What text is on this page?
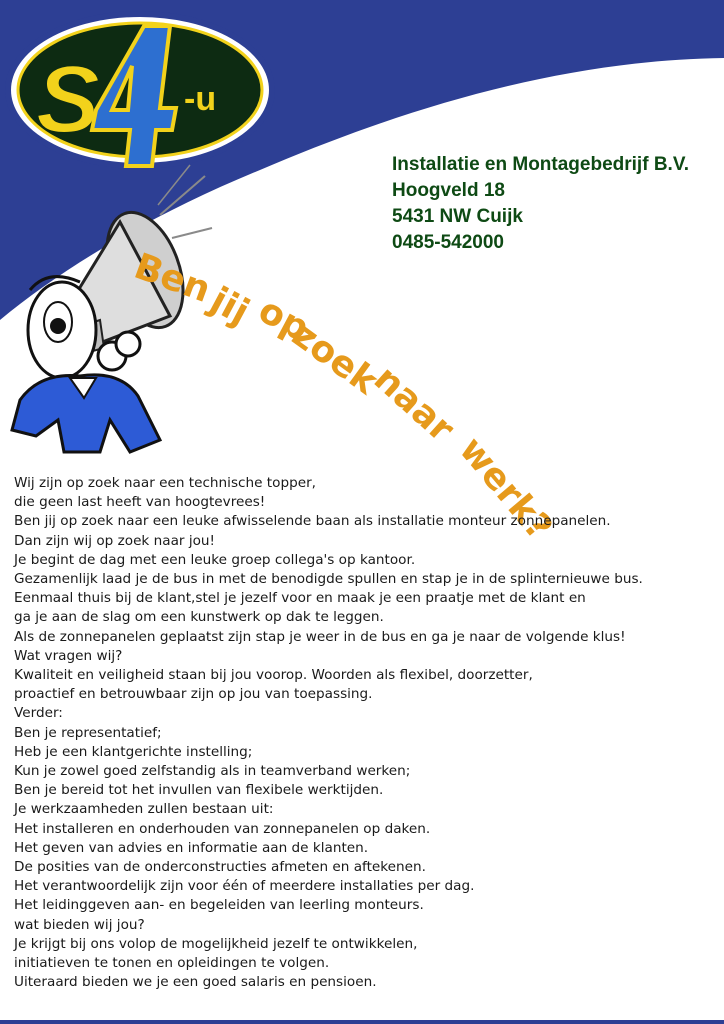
S -u
Installatie en Montagebedrijf B.V.
Hoogveld 18
5431 NW Cuijk
0485-542000
Ben
jij
op
zoek
naar
werk?

Wij zijn op zoek naar een technische topper,

die geen last heeft van hoogtevrees!

Ben jij op zoek naar een leuke afwisselende baan als installatie monteur zonnepanelen.

Dan zijn wij op zoek naar jou!

Je begint de dag met een leuke groep collega's op kantoor.

Gezamenlijk laad je de bus in met de benodigde spullen en stap je in de splinternieuwe bus.

Eenmaal thuis bij de klant,stel je jezelf voor en maak je een praatje met de klant en

ga je aan de slag om een kunstwerk op dak te leggen.

Als de zonnepanelen geplaatst zijn stap je weer in de bus en ga je naar de volgende klus!

Wat vragen wij?

Kwaliteit en veiligheid staan bij jou voorop. Woorden als flexibel, doorzetter,

proactief en betrouwbaar zijn op jou van toepassing.

Verder:

Ben je representatief;

Heb je een klantgerichte instelling;

Kun je zowel goed zelfstandig als in teamverband werken;

Ben je bereid tot het invullen van flexibele werktijden.

Je werkzaamheden zullen bestaan uit:

Het installeren en onderhouden van zonnepanelen op daken.

Het geven van advies en informatie aan de klanten.

De posities van de onderconstructies afmeten en aftekenen.

Het verantwoordelijk zijn voor één of meerdere installaties per dag.

Het leidinggeven aan- en begeleiden van leerling monteurs.

wat bieden wij jou?

Je krijgt bij ons volop de mogelijkheid jezelf te ontwikkelen,

initiatieven te tonen en opleidingen te volgen.

Uiteraard bieden we je een goed salaris en pensioen.
